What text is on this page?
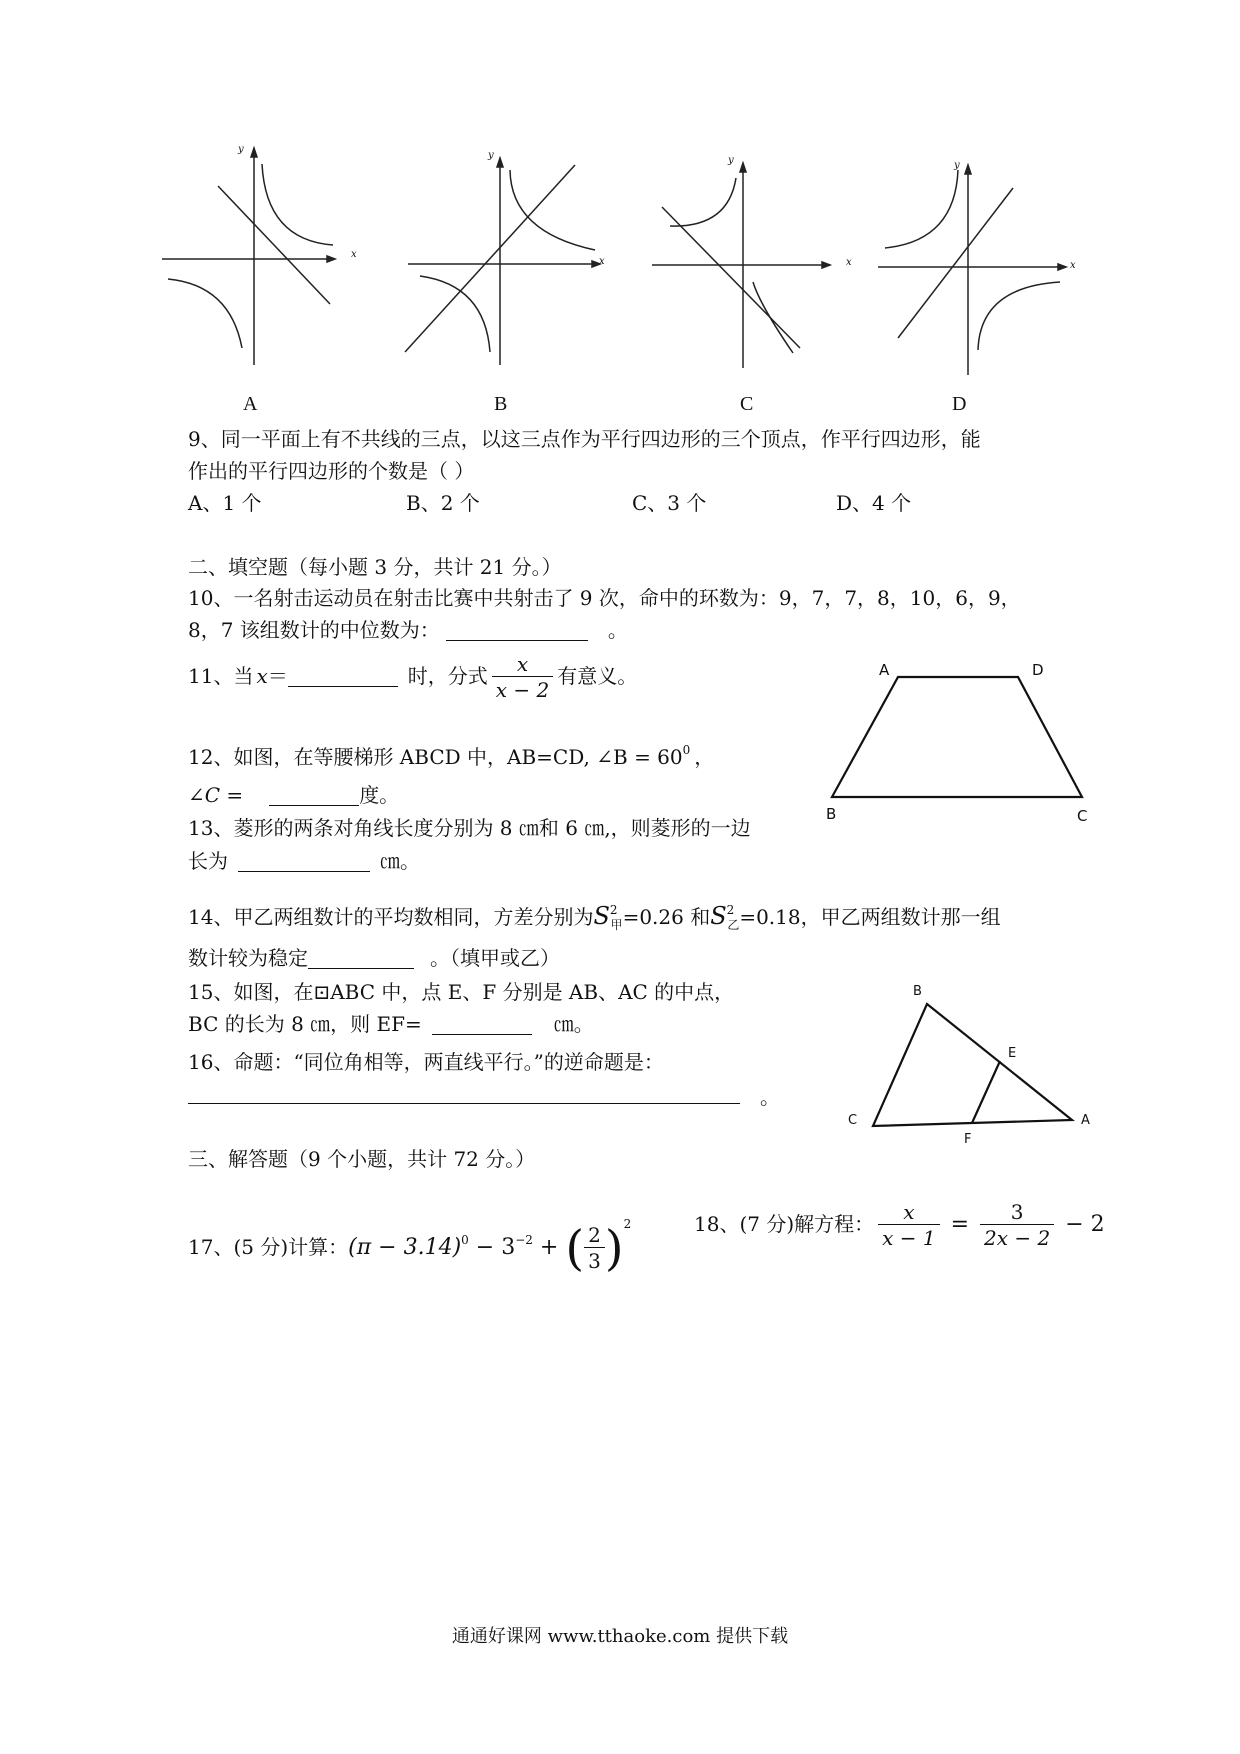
y
x
y
x
y
x
y
x
A	B	C	D
9、同一平面上有不共线的三点，以这三点作为平行四边形的三个顶点，作平行四边形，能
作出的平行四边形的个数是（ ）
A、1 个	B、2 个	C、3 个	D、4 个
二、填空题（每小题 3 分，共计 21 分。）
10、一名射击运动员在射击比赛中共射击了 9 次，命中的环数为：9，7，7，8，10，6，9，
8，7 该组数计的中位数为：	。
11、当 x＝	时，分式 $\frac{x}{x - 2}$ 有意义。	A	D
B	C
12、如图，在等腰梯形 ABCD 中，AB=CD, ∠B = $60^0$ ，
∠C =	度。
13、菱形的两条对角线长度分别为 8 ㎝和 6 ㎝,，则菱形的一边
长为	㎝。
14、甲乙两组数计的平均数相同，方差分别为$S^2_甲=0.26$ 和$S^2_乙=0.18$，甲乙两组数计那一组
数计较为稳定	。（填甲或乙）
15、如图，在⊡ABC 中，点 E、F 分别是 AB、AC 的中点，
BC 的长为 8 ㎝，则 EF=	㎝。
B
E
C
F
A
16、命题：“同位角相等，两直线平行。”的逆命题是：
。
三、解答题（9 个小题，共计 72 分。）
17、(5 分)计算：$(\pi - 3.14)^0 - 3^{-2}$ + ( $\frac{2}{3} )^2$	18、(7 分)解方程： $\frac{x}{x - 1} = \frac{3}{2x - 2} - 2$
通通好课网 www.tthaoke.com 提供下载
